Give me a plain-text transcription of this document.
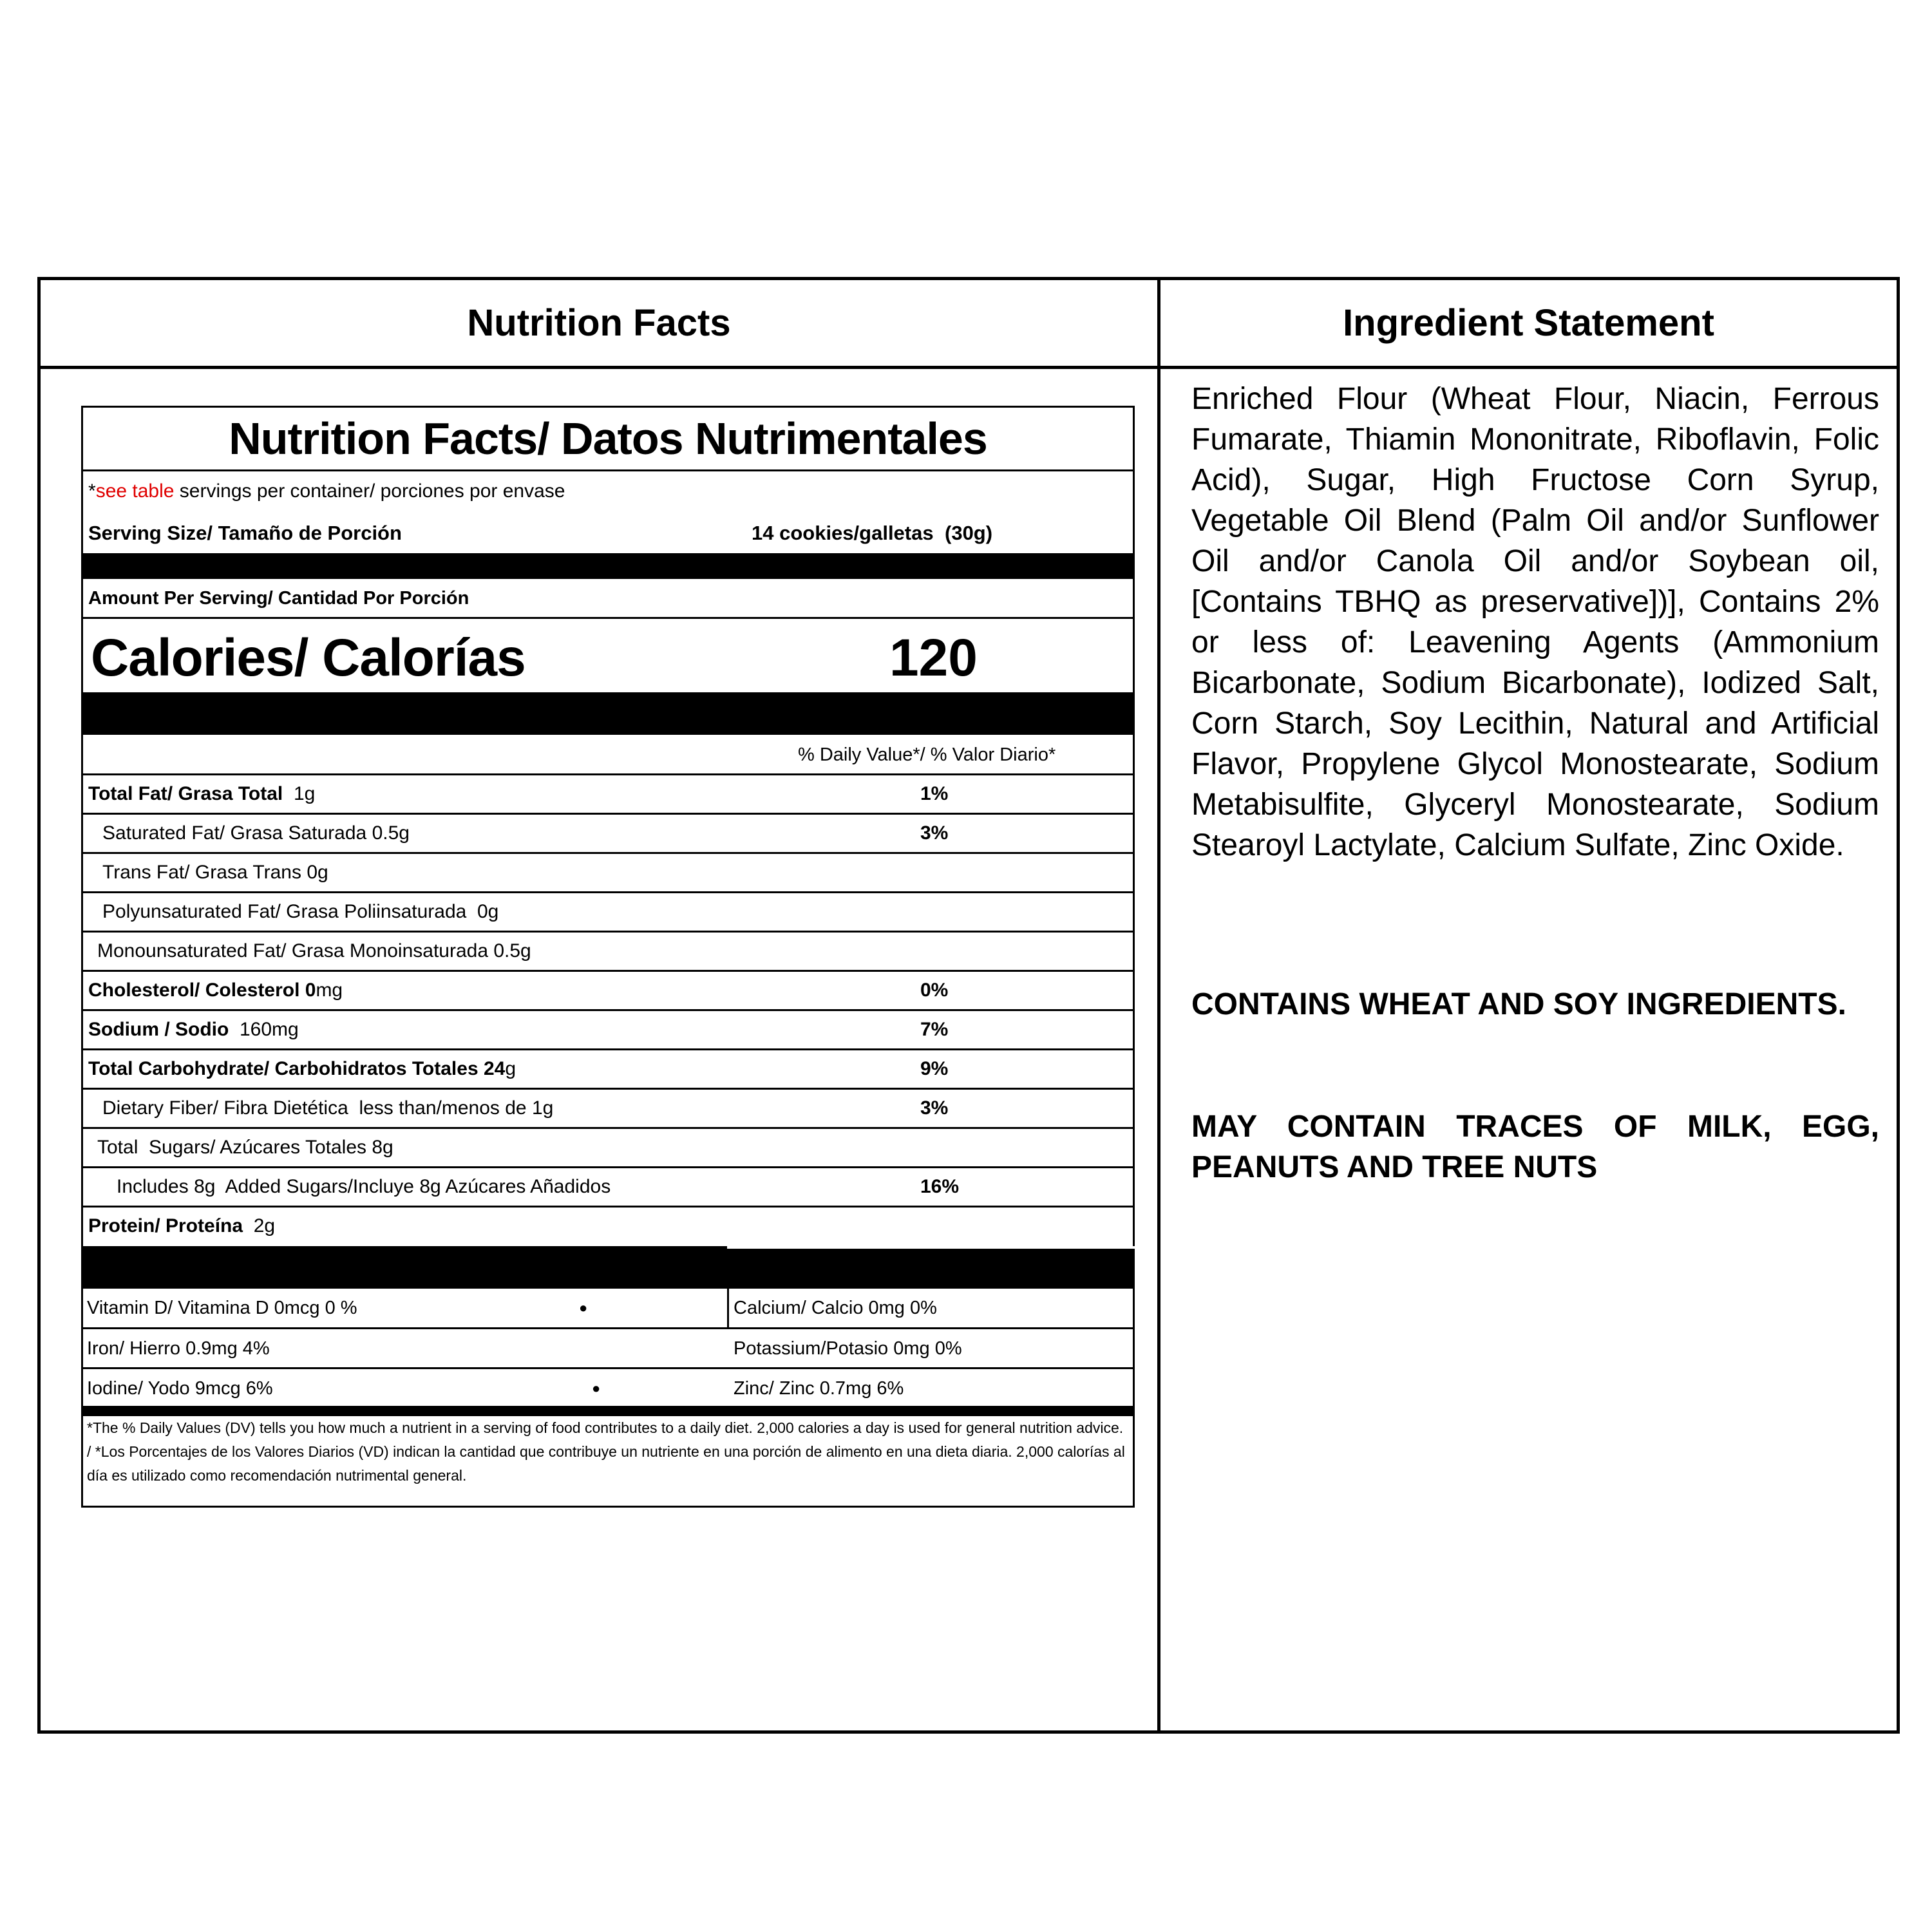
Nutrition Facts	Ingredient Statement
Nutrition Facts/ Datos Nutrimentales
*see table servings per container/ porciones por envase
Serving Size/ Tamaño de Porción	14 cookies/galletas (30g)
Amount Per Serving/ Cantidad Por Porción
Calories/ Calorías	120
% Daily Value*/ % Valor Diario*
Total Fat/ Grasa Total  1g	1%
Saturated Fat/ Grasa Saturada 0.5g	3%
Trans Fat/ Grasa Trans 0g
Polyunsaturated Fat/ Grasa Poliinsaturada  0g
Monounsaturated Fat/ Grasa Monoinsaturada 0.5g
Cholesterol/ Colesterol 0mg	0%
Sodium / Sodio  160mg	7%
Total Carbohydrate/ Carbohidratos Totales 24g	9%
Dietary Fiber/ Fibra Dietética  less than/menos de 1g	3%
Total  Sugars/ Azúcares Totales 8g
Includes 8g  Added Sugars/Incluye 8g Azúcares Añadidos	16%
Protein/ Proteína  2g
Vitamin D/ Vitamina D 0mcg 0 %	●	Calcium/ Calcio 0mg 0%
Iron/ Hierro 0.9mg 4%	Potassium/Potasio 0mg 0%
Iodine/ Yodo 9mcg 6%	●	Zinc/ Zinc 0.7mg 6%
*The % Daily Values (DV) tells you how much a nutrient in a serving of food contributes to a daily diet. 2,000 calories a day is used for general nutrition advice. / *Los Porcentajes de los Valores Diarios (VD) indican la cantidad que contribuye un nutriente en una porción de alimento en una dieta diaria. 2,000 calorías al día es utilizado como recomendación nutrimental general.
Enriched Flour (Wheat Flour, Niacin, Ferrous Fumarate, Thiamin Mononitrate, Riboflavin, Folic Acid), Sugar, High Fructose Corn Syrup, Vegetable Oil Blend (Palm Oil and/or Sunflower Oil and/or Canola Oil and/or Soybean oil, [Contains TBHQ as preservative])], Contains 2% or less of: Leavening Agents (Ammonium Bicarbonate, Sodium Bicarbonate), Iodized Salt, Corn Starch, Soy Lecithin, Natural and Artificial Flavor, Propylene Glycol Monostearate, Sodium Metabisulfite, Glyceryl Monostearate, Sodium Stearoyl Lactylate, Calcium Sulfate, Zinc Oxide.
CONTAINS WHEAT AND SOY INGREDIENTS.
MAY CONTAIN TRACES OF MILK, EGG, PEANUTS AND TREE NUTS
